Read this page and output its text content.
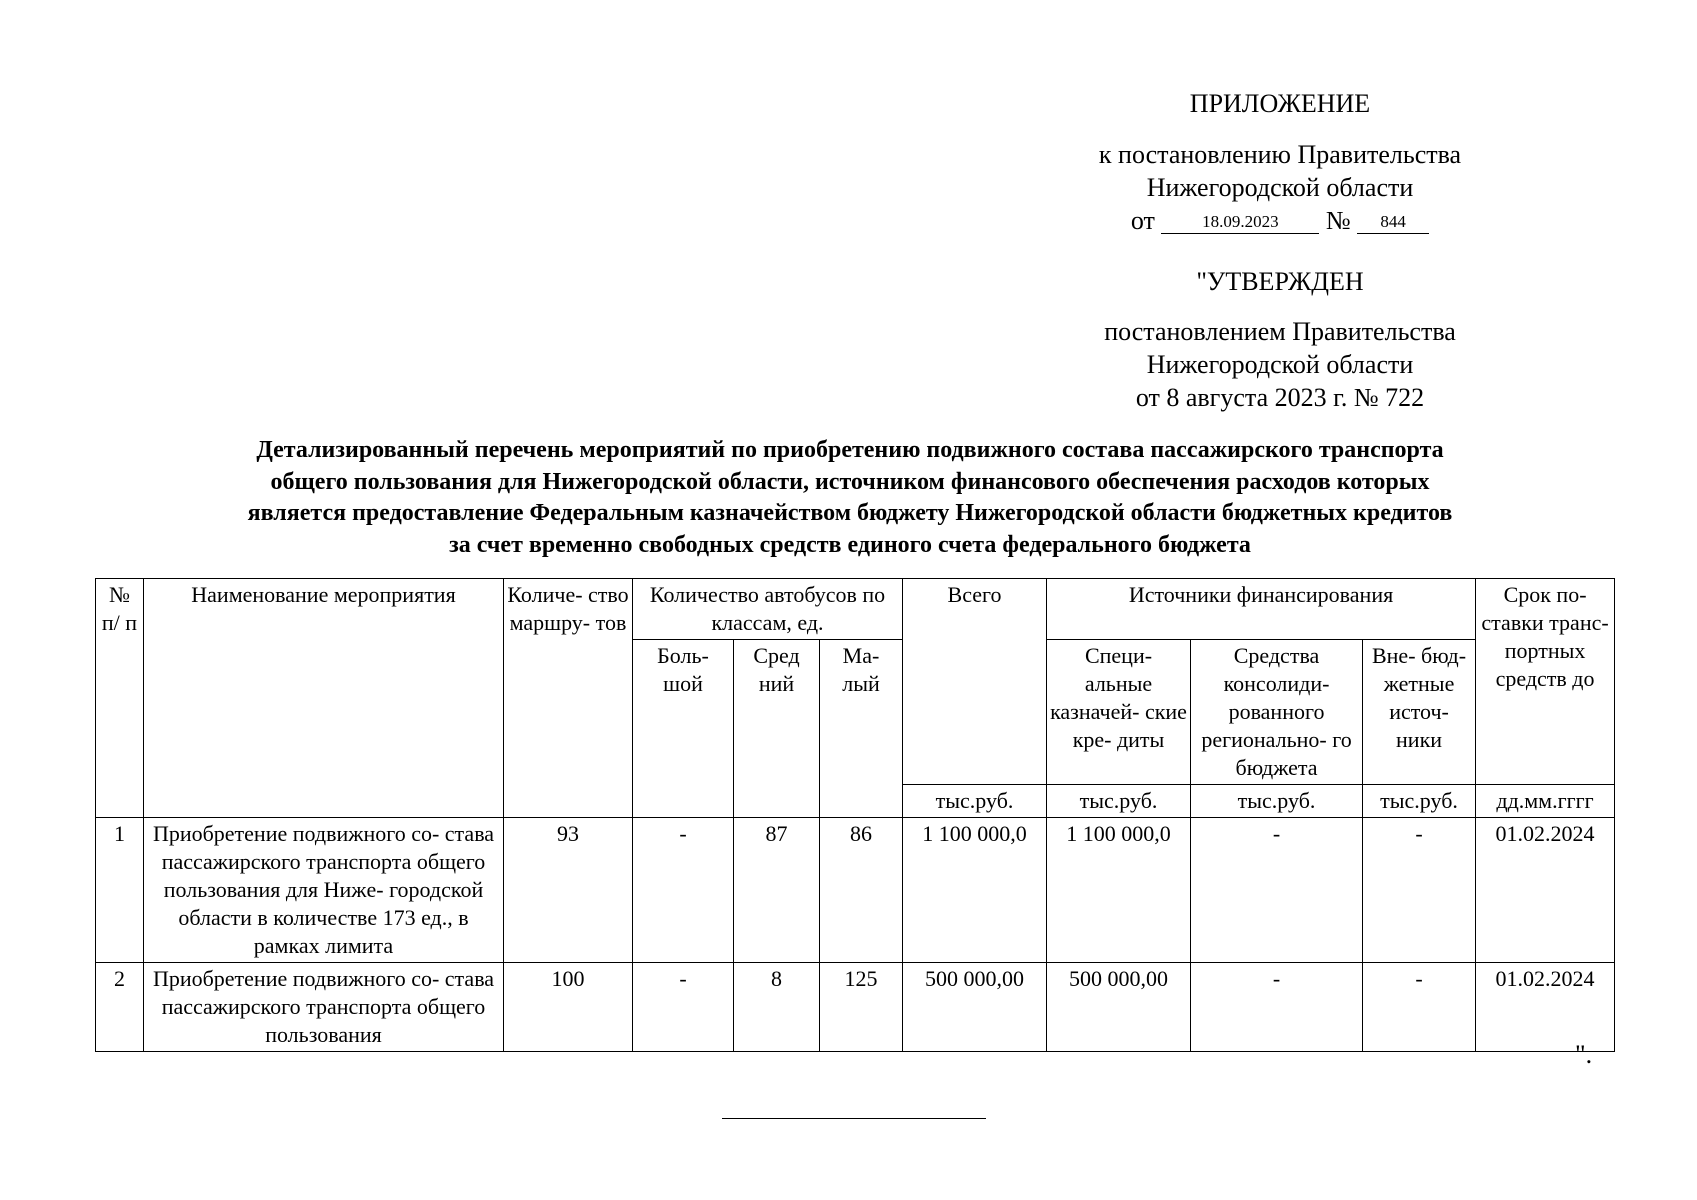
ПРИЛОЖЕНИЕ
к постановлению Правительства
Нижегородской области
от	18.09.2023 № 844
"УТВЕРЖДЕН
постановлением Правительства
Нижегородской области
от 8 августа 2023 г. № 722
Детализированный перечень мероприятий по приобретению подвижного состава пассажирского транспорта
общего пользования для Нижегородской области, источником финансового обеспечения расходов которых
является предоставление Федеральным казначейством бюджету Нижегородской области бюджетных кредитов
за счет временно свободных средств единого счета федерального бюджета
№ п/ п	Наименование мероприятия	Количе- ство маршру- тов	Количество автобусов по классам, ед.			Всего	Источники финансирования			Срок по- ставки транс- портных средств до
			Боль- шой	Сред ний	Ма- лый		Специ- альные казначей- ские кре- диты	Средства консолиди- рованного регионально- го бюджета	Вне- бюд- жетные источ- ники	
						тыс.руб.	тыс.руб.	тыс.руб.	тыс.руб.	дд.мм.гггг
1	Приобретение подвижного со- става пассажирского транспорта общего пользования для Нижe- городской области в количестве 173 ед., в рамках лимита	93	-	87	86	1 100 000,0	1 100 000,0	-	-	01.02.2024
2	Приобретение подвижного со- става пассажирского транспорта общего пользования	100	-	8	125	500 000,00	500 000,00	-	-	01.02.2024
".
